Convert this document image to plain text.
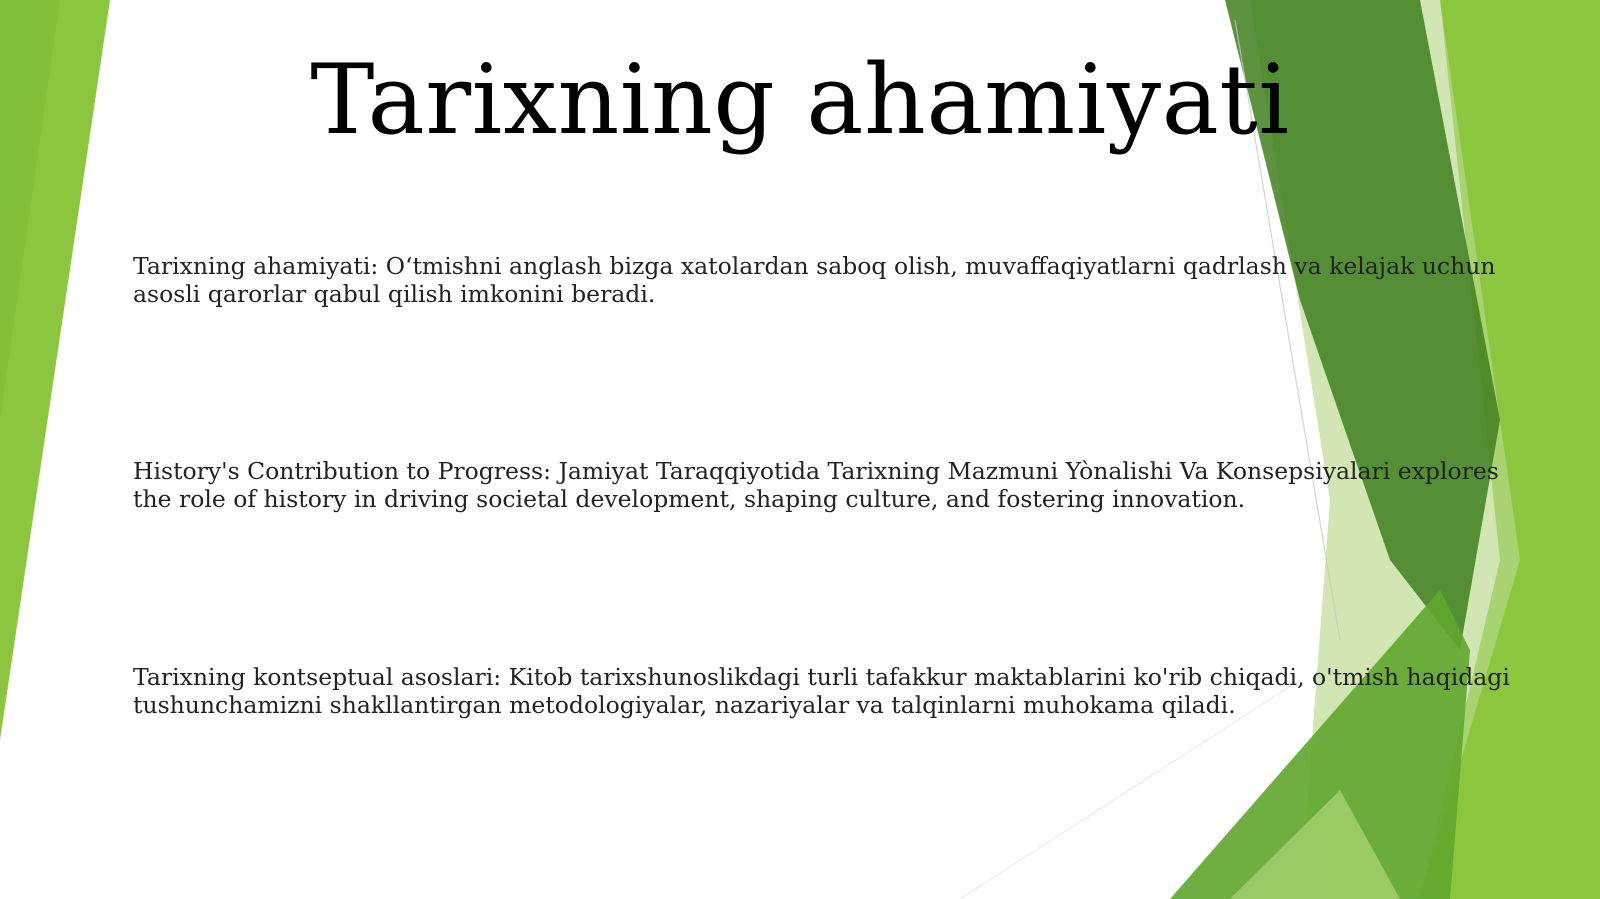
Tarixning ahamiyati

Tarixning ahamiyati: O‘tmishni anglash bizga xatolardan saboq olish, muvaffaqiyatlarni qadrlash va kelajak uchun asosli qarorlar qabul qilish imkonini beradi.

History's Contribution to Progress: Jamiyat Taraqqiyotida Tarixning Mazmuni Yònalishi Va Konsepsiyalari explores the role of history in driving societal development, shaping culture, and fostering innovation.

Tarixning kontseptual asoslari: Kitob tarixshunoslikdagi turli tafakkur maktablarini ko'rib chiqadi, o'tmish haqidagi tushunchamizni shakllantirgan metodologiyalar, nazariyalar va talqinlarni muhokama qiladi.
